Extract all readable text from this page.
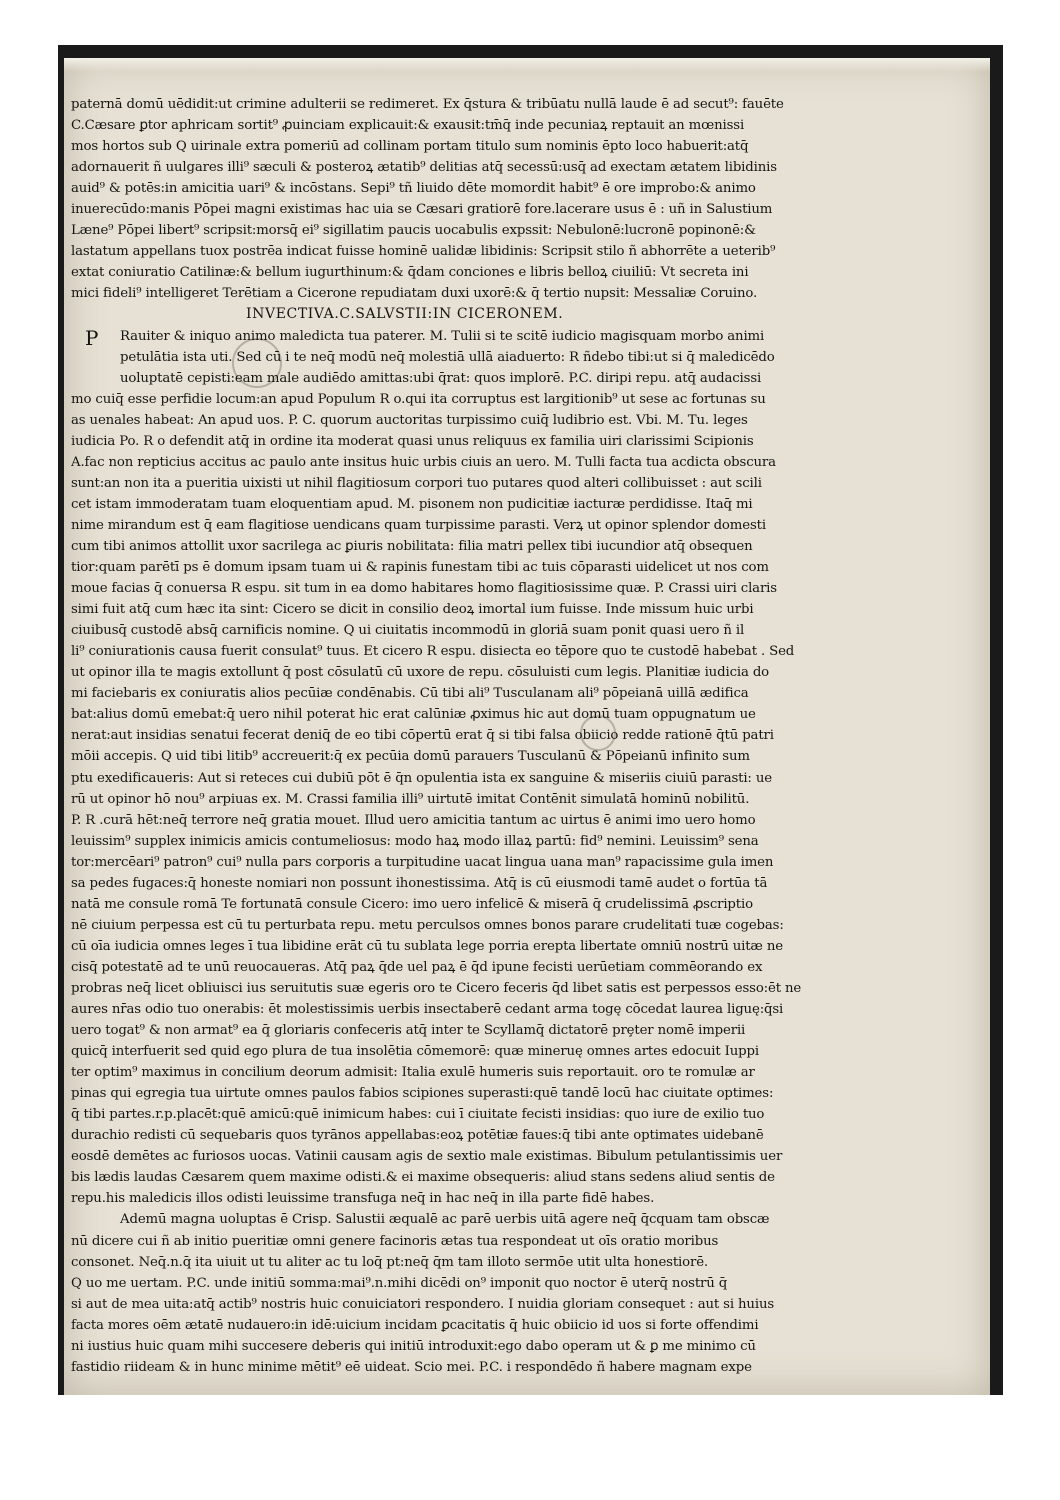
paternā domū uēdidit:ut crimine adulterii se redimeret. Ex q̄stura & tribūatu nullā laude ē ad secut⁹: fauēte
C.Cæsare ꝑtor aphricam sortit⁹ ꝓuinciam explicauit:& exausit:tm̄q̄ inde pecuniaꝝ reptauit an mœnissi
mos hortos sub Q uirinale extra pomeriū ad collinam portam titulo sum nominis ēpto loco habuerit:atq̄
adornauerit ñ uulgares illi⁹ sæculi & posteroꝝ ætatib⁹ delitias atq̄ secessū:usq̄ ad exectam ætatem libidinis
auid⁹ & potēs:in amicitia uari⁹ & incōstans. Sepi⁹ tñ liuido dēte momordit habit⁹ ē ore improbo:& animo
inuerecūdo:manis Pōpei magni existimas hac uia se Cæsari gratiorē fore.lacerare usus ē : uñ in Salustium
Læne⁹ Pōpei libert⁹ scripsit:morsq̄ ei⁹ sigillatim paucis uocabulis expssit: Nebulonē:lucronē popinonē:&
lastatum appellans tuox postrēa indicat fuisse hominē ualidæ libidinis: Scripsit stilo ñ abhorrēte a ueterib⁹
extat coniuratio Catilinæ:& bellum iugurthinum:& q̄dam conciones e libris belloꝝ ciuiliū: Vt secreta ini
mici fideli⁹ intelligeret Terētiam a Cicerone repudiatam duxi uxorē:& q̄ tertio nupsit: Messaliæ Coruino.
INVECTIVA.C.SALVSTII:IN CICERONEM.
Rauiter & iniquo animo maledicta tua paterer. M. Tulii si te scitē iudicio magisquam morbo animi
petulātia ista uti. Sed cū i te neq̄ modū neq̄ molestiā ullā aiaduerto: R ñdebo tibi:ut si q̄ maledicēdo
uoluptatē cepisti:eam male audiēdo amittas:ubi q̄rat: quos implorē. P.C. diripi repu. atq̄ audacissi
mo cuiq̄ esse perfidie locum:an apud Populum R o.qui ita corruptus est largitionib⁹ ut sese ac fortunas su
as uenales habeat: An apud uos. P. C. quorum auctoritas turpissimo cuiq̄ ludibrio est. Vbi. M. Tu. leges
iudicia Po. R o defendit atq̄ in ordine ita moderat quasi unus reliquus ex familia uiri clarissimi Scipionis
A.fac non repticius accitus ac paulo ante insitus huic urbis ciuis an uero. M. Tulli facta tua acdicta obscura
sunt:an non ita a pueritia uixisti ut nihil flagitiosum corpori tuo putares quod alteri collibuisset : aut scili
cet istam immoderatam tuam eloquentiam apud. M. pisonem non pudicitiæ iacturæ perdidisse. Itaq̄ mi
nime mirandum est q̄ eam flagitiose uendicans quam turpissime parasti. Verꝝ ut opinor splendor domesti
cum tibi animos attollit uxor sacrilega ac ꝑiuris nobilitata: filia matri pellex tibi iucundior atq̄ obsequen
tior:quam parētī ps ē domum ipsam tuam ui & rapinis funestam tibi ac tuis cōparasti uidelicet ut nos com
moue facias q̄ conuersa R espu. sit tum in ea domo habitares homo flagitiosissime quæ. P. Crassi uiri claris
simi fuit atq̄ cum hæc ita sint: Cicero se dicit in consilio deoꝝ imortal ium fuisse. Inde missum huic urbi
ciuibusq̄ custodē absq̄ carnificis nomine. Q ui ciuitatis incommodū in gloriā suam ponit quasi uero ñ il
li⁹ coniurationis causa fuerit consulat⁹ tuus. Et cicero R espu. disiecta eo tēpore quo te custodē habebat . Sed
ut opinor illa te magis extollunt q̄ post cōsulatū cū uxore de repu. cōsuluisti cum legis. Planitiæ iudicia do
mi faciebaris ex coniuratis alios pecūiæ condēnabis. Cū tibi ali⁹ Tusculanam ali⁹ pōpeianā uillā ædifica
bat:alius domū emebat:q̄ uero nihil poterat hic erat calūniæ ꝓximus hic aut domū tuam oppugnatum ue
nerat:aut insidias senatui fecerat deniq̄ de eo tibi cōpertū erat q̄ si tibi falsa obiicio redde rationē q̄tū patri
mōii accepis. Q uid tibi litib⁹ accreuerit:q̄ ex pecūia domū parauers Tusculanū & Pōpeianū infinito sum
ptu exedificaueris: Aut si reteces cui dubiū pōt ē q̄n opulentia ista ex sanguine & miseriis ciuiū parasti: ue
rū ut opinor hō nou⁹ arpiuas ex. M. Crassi familia illi⁹ uirtutē imitat Contēnit simulatā hominū nobilitū.
P. R .curā hēt:neq̄ terrore neq̄ gratia mouet. Illud uero amicitia tantum ac uirtus ē animi imo uero homo
leuissim⁹ supplex inimicis amicis contumeliosus: modo haꝝ modo illaꝝ partū: fid⁹ nemini. Leuissim⁹ sena
tor:mercēari⁹ patron⁹ cui⁹ nulla pars corporis a turpitudine uacat lingua uana man⁹ rapacissime gula imen
sa pedes fugaces:q̄ honeste nomiari non possunt ihonestissima. Atq̄ is cū eiusmodi tamē audet o fortūa tā
natā me consule romā Te fortunatā consule Cicero: imo uero infelicē & miserā q̄ crudelissimā ꝓscriptio
nē ciuium perpessa est cū tu perturbata repu. metu perculsos omnes bonos parare crudelitati tuæ cogebas:
cū oīa iudicia omnes leges ī tua libidine erāt cū tu sublata lege porria erepta libertate omniū nostrū uitæ ne
cisq̄ potestatē ad te unū reuocaueras. Atq̄ paꝝ q̄de uel paꝝ ē q̄d ipune fecisti uerūetiam commēorando ex
probras neq̄ licet obliuisci ius seruitutis suæ egeris oro te Cicero feceris q̄d libet satis est perpessos esso:ēt ne
aures nr̄as odio tuo onerabis: ēt molestissimis uerbis insectaberē cedant arma togę cōcedat laurea liguę:q̄si
uero togat⁹ & non armat⁹ ea q̄ gloriaris confeceris atq̄ inter te Scyllamq̄ dictatorē prȩter nomē imperii
quicq̄ interfuerit sed quid ego plura de tua insolētia cōmemorē: quæ mineruę omnes artes edocuit Iuppi
ter optim⁹ maximus in concilium deorum admisit: Italia exulē humeris suis reportauit. oro te romulæ ar
pinas qui egregia tua uirtute omnes paulos fabios scipiones superasti:quē tandē locū hac ciuitate optimes:
q̄ tibi partes.r.p.placēt:quē amicū:quē inimicum habes: cui ī ciuitate fecisti insidias: quo iure de exilio tuo
durachio redisti cū sequebaris quos tyrānos appellabas:eoꝝ potētiæ faues:q̄ tibi ante optimates uidebanē
eosdē demētes ac furiosos uocas. Vatinii causam agis de sextio male existimas. Bibulum petulantissimis uer
bis lædis laudas Cæsarem quem maxime odisti.& ei maxime obsequeris: aliud stans sedens aliud sentis de
repu.his maledicis illos odisti leuissime transfuga neq̄ in hac neq̄ in illa parte fidē habes.
Ademū magna uoluptas ē Crisp. Salustii æqualē ac parē uerbis uitā agere neq̄ q̄cquam tam obscæ
nū dicere cui ñ ab initio pueritiæ omni genere facinoris ætas tua respondeat ut oīs oratio moribus
consonet. Neq̄.n.q̄ ita uiuit ut tu aliter ac tu loq̄ pt:neq̄ q̄m tam illoto sermōe utit ulta honestiorē.
Q uo me uertam. P.C. unde initiū somma:mai⁹.n.mihi dicēdi on⁹ imponit quo noctor ē uterq̄ nostrū q̄
si aut de mea uita:atq̄ actib⁹ nostris huic conuiciatori respondero. I nuidia gloriam consequet : aut si huius
facta mores oēm ætatē nudauero:in idē:uicium incidam ꝑcacitatis q̄ huic obiicio id uos si forte offendimi
ni iustius huic quam mihi succesere deberis qui initiū introduxit:ego dabo operam ut & ꝑ me minimo cū
fastidio riideam & in hunc minime mētit⁹ eē uideat. Scio mei. P.C. i respondēdo ñ habere magnam expe
P
